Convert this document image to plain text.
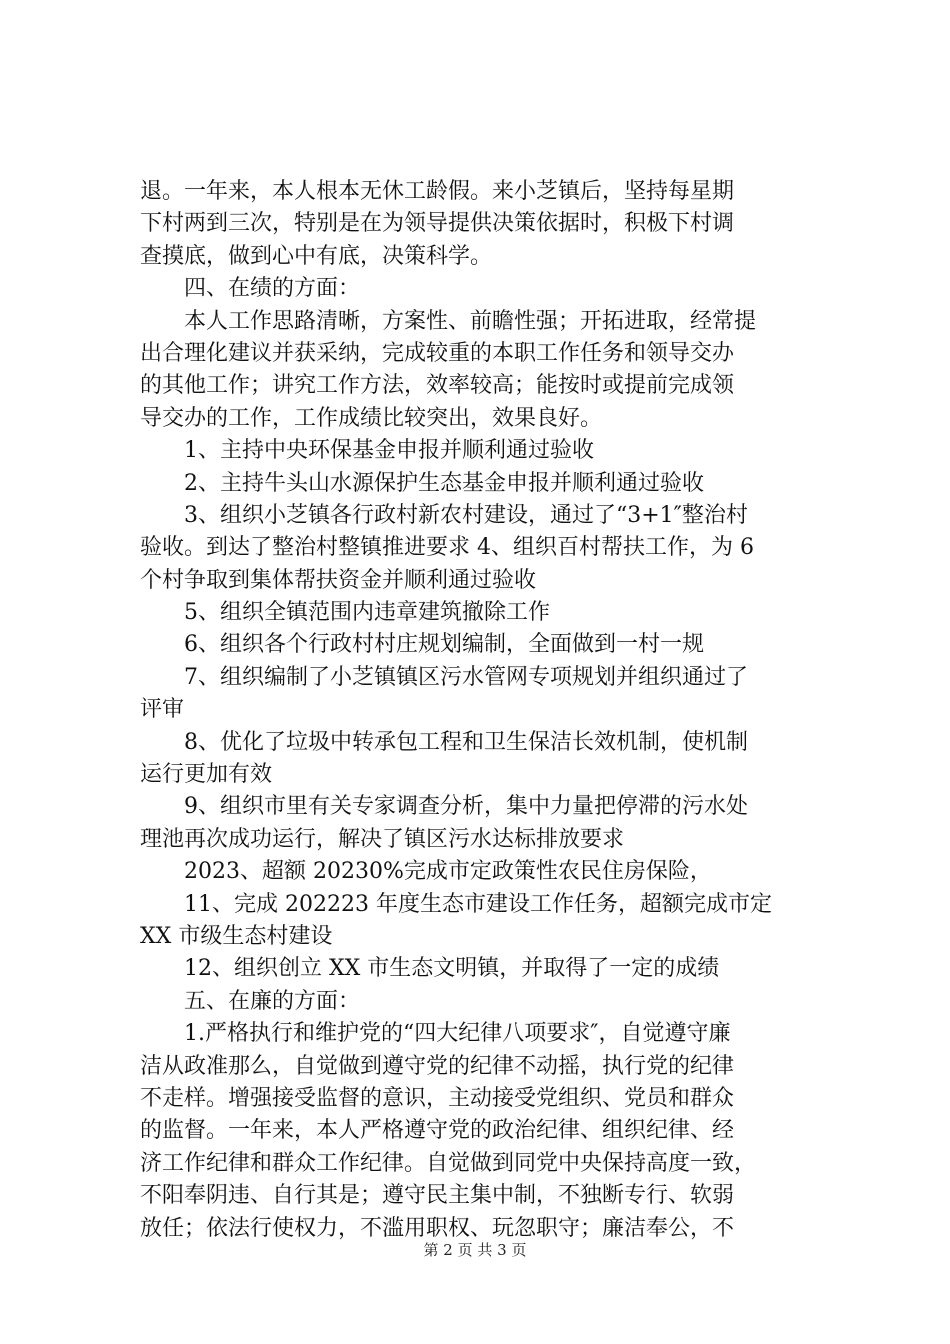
退。一年来，本人根本无休工龄假。来小芝镇后，坚持每星期
下村两到三次，特别是在为领导提供决策依据时，积极下村调
查摸底，做到心中有底，决策科学。
　　四、在绩的方面：
　　本人工作思路清晰，方案性、前瞻性强；开拓进取，经常提
出合理化建议并获采纳，完成较重的本职工作任务和领导交办
的其他工作；讲究工作方法，效率较高；能按时或提前完成领
导交办的工作，工作成绩比较突出，效果良好。
　　1、主持中央环保基金申报并顺利通过验收
　　2、主持牛头山水源保护生态基金申报并顺利通过验收
　　3、组织小芝镇各行政村新农村建设，通过了“3+1″整治村
验收。到达了整治村整镇推进要求 4、组织百村帮扶工作，为 6
个村争取到集体帮扶资金并顺利通过验收
　　5、组织全镇范围内违章建筑撤除工作
　　6、组织各个行政村村庄规划编制，全面做到一村一规
　　7、组织编制了小芝镇镇区污水管网专项规划并组织通过了
评审
　　8、优化了垃圾中转承包工程和卫生保洁长效机制，使机制
运行更加有效
　　9、组织市里有关专家调查分析，集中力量把停滞的污水处
理池再次成功运行，解决了镇区污水达标排放要求
　　2023、超额 20230%完成市定政策性农民住房保险，
　　11、完成 202223 年度生态市建设工作任务，超额完成市定
XX 市级生态村建设
　　12、组织创立 XX 市生态文明镇，并取得了一定的成绩
　　五、在廉的方面：
　　1.严格执行和维护党的“四大纪律八项要求″，自觉遵守廉
洁从政准那么，自觉做到遵守党的纪律不动摇，执行党的纪律
不走样。增强接受监督的意识，主动接受党组织、党员和群众
的监督。一年来，本人严格遵守党的政治纪律、组织纪律、经
济工作纪律和群众工作纪律。自觉做到同党中央保持高度一致，
不阳奉阴违、自行其是；遵守民主集中制，不独断专行、软弱
放任；依法行使权力，不滥用职权、玩忽职守；廉洁奉公，不
第 2 页 共 3 页
